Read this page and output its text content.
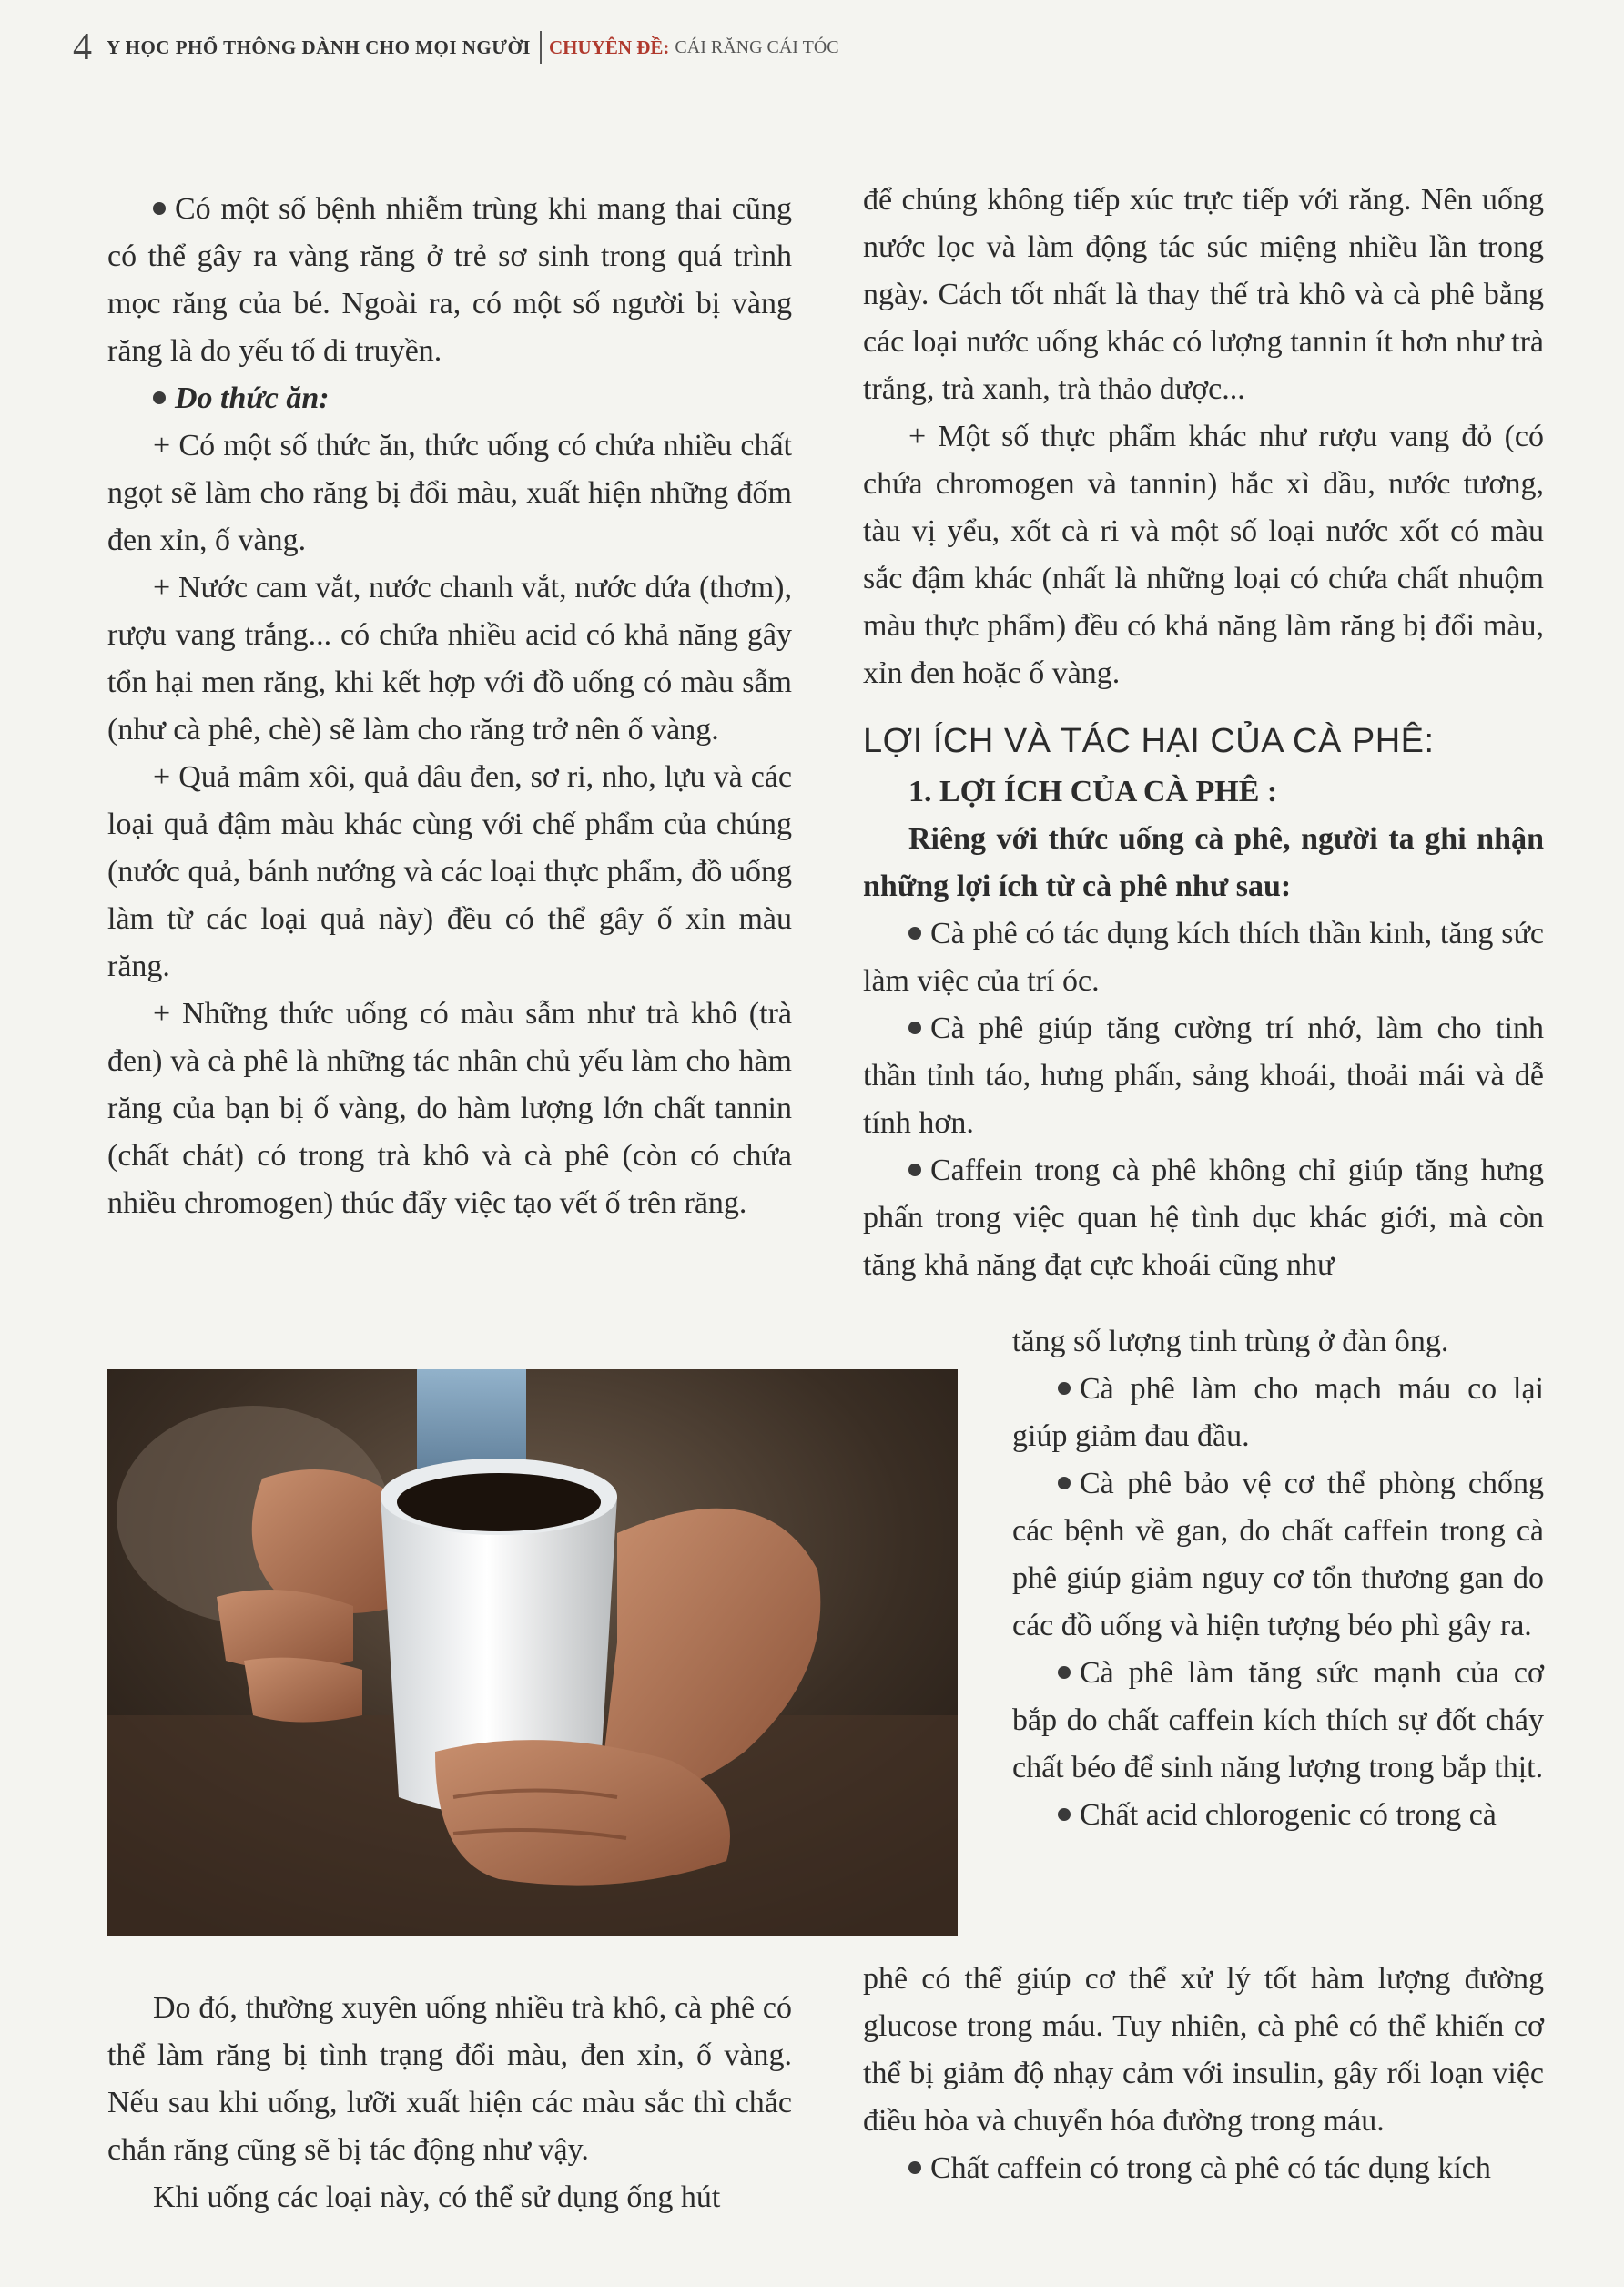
4 Y HỌC PHỔ THÔNG DÀNH CHO MỌI NGƯỜI CHUYÊN ĐỀ: CÁI RĂNG CÁI TÓC

Có một số bệnh nhiễm trùng khi mang thai cũng có thể gây ra vàng răng ở trẻ sơ sinh trong quá trình mọc răng của bé. Ngoài ra, có một số người bị vàng răng là do yếu tố di truyền.

Do thức ăn:

+ Có một số thức ăn, thức uống có chứa nhiều chất ngọt sẽ làm cho răng bị đổi màu, xuất hiện những đốm đen xỉn, ố vàng.

+ Nước cam vắt, nước chanh vắt, nước dứa (thơm), rượu vang trắng... có chứa nhiều acid có khả năng gây tổn hại men răng, khi kết hợp với đồ uống có màu sẫm (như cà phê, chè) sẽ làm cho răng trở nên ố vàng.

+ Quả mâm xôi, quả dâu đen, sơ ri, nho, lựu và các loại quả đậm màu khác cùng với chế phẩm của chúng (nước quả, bánh nướng và các loại thực phẩm, đồ uống làm từ các loại quả này) đều có thể gây ố xỉn màu răng.

+ Những thức uống có màu sẫm như trà khô (trà đen) và cà phê là những tác nhân chủ yếu làm cho hàm răng của bạn bị ố vàng, do hàm lượng lớn chất tannin (chất chát) có trong trà khô và cà phê (còn có chứa nhiều chromogen) thúc đẩy việc tạo vết ố trên răng.

Do đó, thường xuyên uống nhiều trà khô, cà phê có thể làm răng bị tình trạng đổi màu, đen xỉn, ố vàng. Nếu sau khi uống, lưỡi xuất hiện các màu sắc thì chắc chắn răng cũng sẽ bị tác động như vậy.

Khi uống các loại này, có thể sử dụng ống hút

để chúng không tiếp xúc trực tiếp với răng. Nên uống nước lọc và làm động tác súc miệng nhiều lần trong ngày. Cách tốt nhất là thay thế trà khô và cà phê bằng các loại nước uống khác có lượng tannin ít hơn như trà trắng, trà xanh, trà thảo dược...

+ Một số thực phẩm khác như rượu vang đỏ (có chứa chromogen và tannin) hắc xì dầu, nước tương, tàu vị yểu, xốt cà ri và một số loại nước xốt có màu sắc đậm khác (nhất là những loại có chứa chất nhuộm màu thực phẩm) đều có khả năng làm răng bị đổi màu, xỉn đen hoặc ố vàng.

LỢI ÍCH VÀ TÁC HẠI CỦA CÀ PHÊ:

1. LỢI ÍCH CỦA CÀ PHÊ :

Riêng với thức uống cà phê, người ta ghi nhận những lợi ích từ cà phê như sau:

Cà phê có tác dụng kích thích thần kinh, tăng sức làm việc của trí óc.

Cà phê giúp tăng cường trí nhớ, làm cho tinh thần tỉnh táo, hưng phấn, sảng khoái, thoải mái và dễ tính hơn.

Caffein trong cà phê không chỉ giúp tăng hưng phấn trong việc quan hệ tình dục khác giới, mà còn tăng khả năng đạt cực khoái cũng như

tăng số lượng tinh trùng ở đàn ông.

Cà phê làm cho mạch máu co lại giúp giảm đau đầu.

Cà phê bảo vệ cơ thể phòng chống các bệnh về gan, do chất caffein trong cà phê giúp giảm nguy cơ tổn thương gan do các đồ uống và hiện tượng béo phì gây ra.

Cà phê làm tăng sức mạnh của cơ bắp do chất caffein kích thích sự đốt cháy chất béo để sinh năng lượng trong bắp thịt.

Chất acid chlorogenic có trong cà

phê có thể giúp cơ thể xử lý tốt hàm lượng đường glucose trong máu. Tuy nhiên, cà phê có thể khiến cơ thể bị giảm độ nhạy cảm với insulin, gây rối loạn việc điều hòa và chuyển hóa đường trong máu.

Chất caffein có trong cà phê có tác dụng kích
